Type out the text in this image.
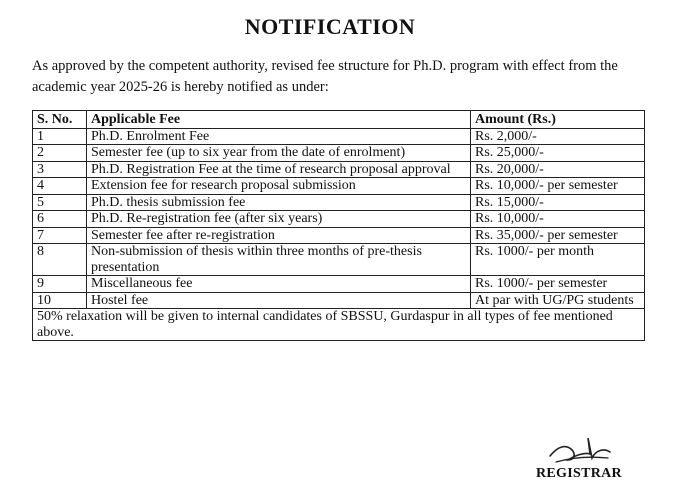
NOTIFICATION
As approved by the competent authority, revised fee structure for Ph.D. program with effect from the academic year 2025-26 is hereby notified as under:
S. No.	Applicable Fee	Amount (Rs.)
1	Ph.D. Enrolment Fee	Rs. 2,000/-
2	Semester fee (up to six year from the date of enrolment)	Rs. 25,000/-
3	Ph.D. Registration Fee at the time of research proposal approval	Rs. 20,000/-
4	Extension fee for research proposal submission	Rs. 10,000/- per semester
5	Ph.D. thesis submission fee	Rs. 15,000/-
6	Ph.D. Re-registration fee (after six years)	Rs. 10,000/-
7	Semester fee after re-registration	Rs. 35,000/- per semester
8	Non-submission of thesis within three months of pre-thesis presentation	Rs. 1000/- per month
9	Miscellaneous fee	Rs. 1000/- per semester
10	Hostel fee	At par with UG/PG students
50% relaxation will be given to internal candidates of SBSSU, Gurdaspur in all types of fee mentioned above.		
REGISTRAR
